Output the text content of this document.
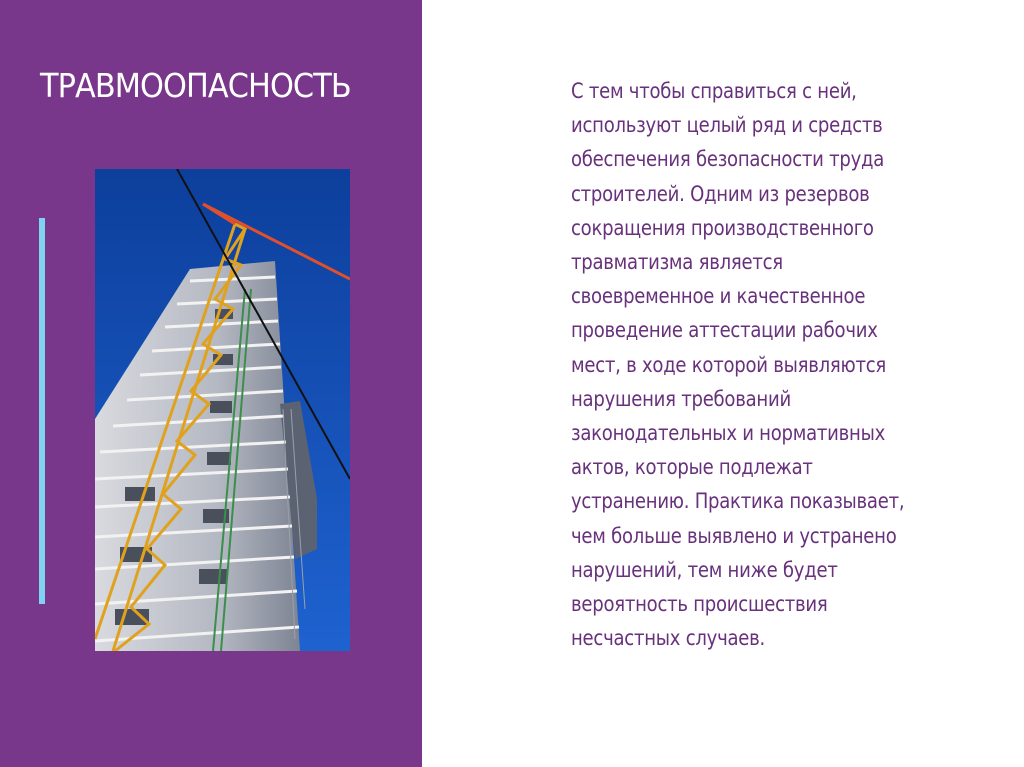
ТРАВМООПАСНОСТЬ	С тем чтобы справиться с ней,
используют целый ряд и средств
обеспечения безопасности труда
строителей. Одним из резервов
сокращения производственного
травматизма является
своевременное и качественное
проведение аттестации рабочих
мест, в ходе которой выявляются
нарушения требований
законодательных и нормативных
актов, которые подлежат
устранению. Практика показывает,
чем больше выявлено и устранено
нарушений, тем ниже будет
вероятность происшествия
несчастных случаев.
